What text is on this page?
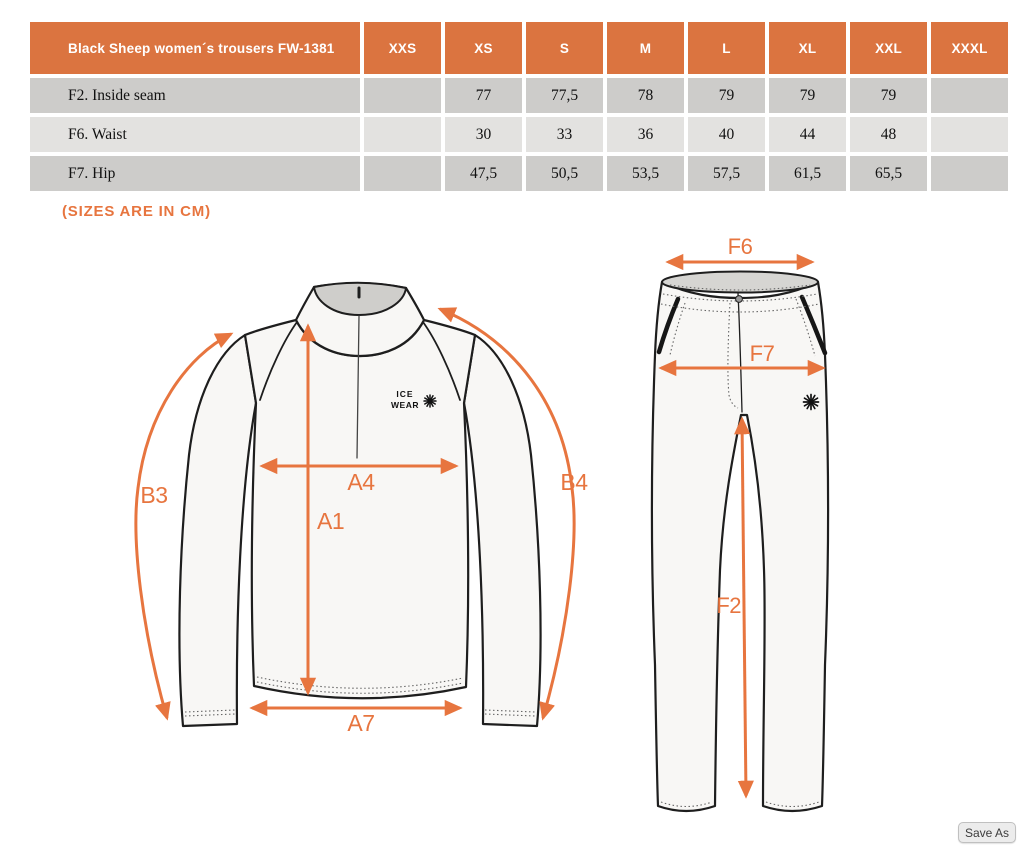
Black Sheep women´s trousers FW-1381	XXS	XS	S	M	L	XL	XXL	XXXL
F2. Inside seam		77	77,5	78	79	79	79	
F6. Waist		30	33	36	40	44	48	
F7. Hip		47,5	50,5	53,5	57,5	61,5	65,5	
(SIZES ARE IN CM)
ICE
WEAR
B3	B4
A4
A1
A7
F6
F7
F2
Save As
